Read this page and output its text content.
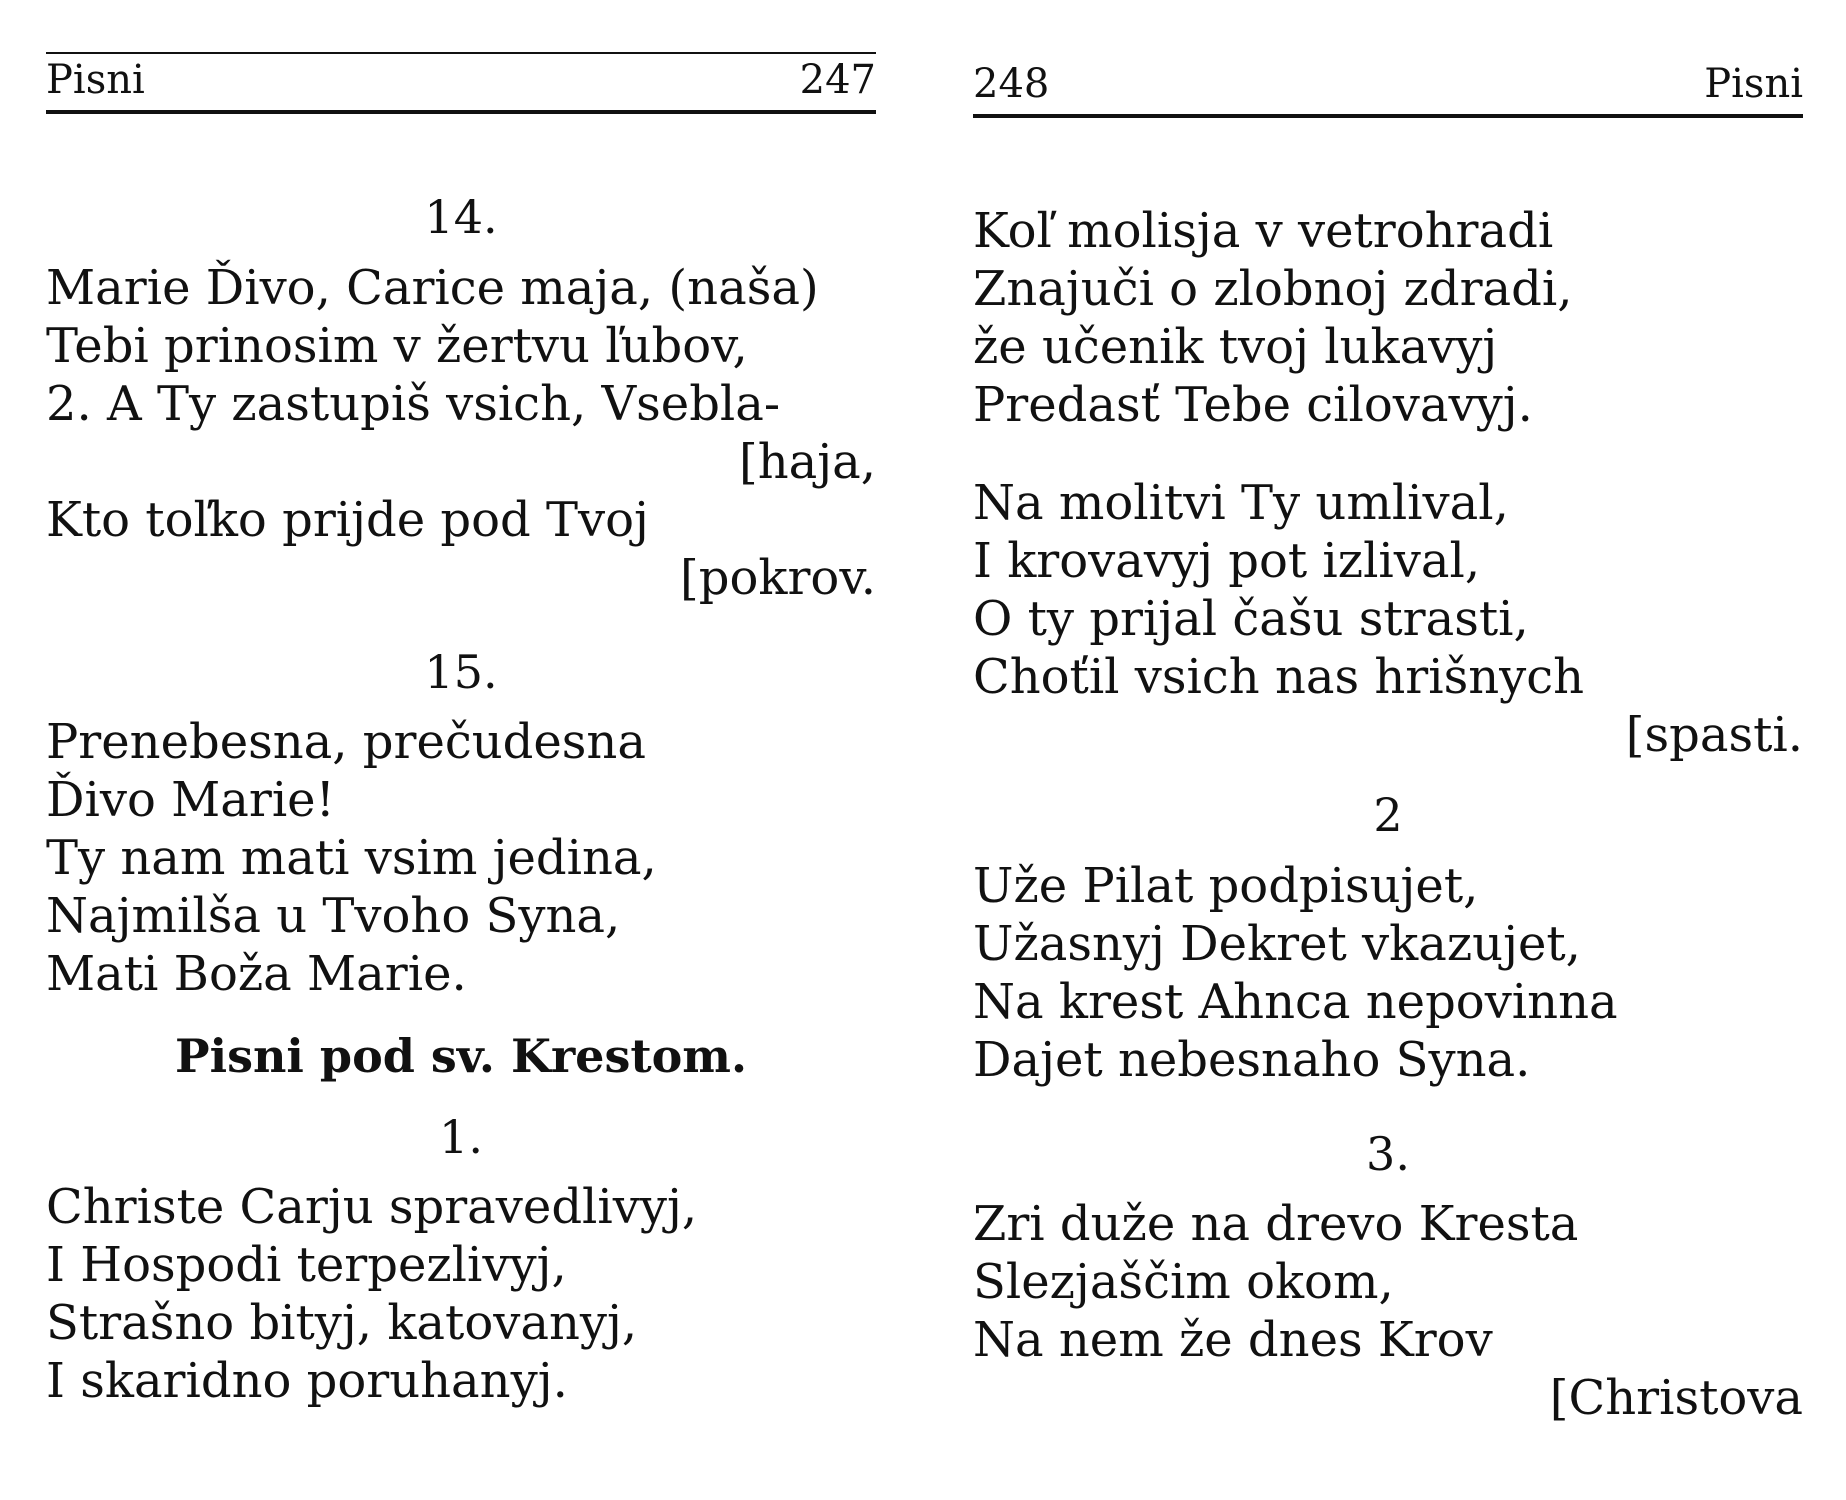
Pisni	247
14.
Marie Ďivo, Carice maja, (naša)
Tebi prinosim v žertvu ľubov,
2. A Ty zastupiš vsich, Vsebla-
[haja,
Kto toľko prijde pod Tvoj
[pokrov.
15.
Prenebesna, prečudesna
Ďivo Marie!
Ty nam mati vsim jedina,
Najmilša u Tvoho Syna,
Mati Boža Marie.
Pisni pod sv. Krestom.
1.
Christe Carju spravedlivyj,
I Hospodi terpezlivyj,
Strašno bityj, katovanyj,
I skaridno poruhanyj.
248	Pisni
Koľ molisja v vetrohradi
Znajuči o zlobnoj zdradi,
že učenik tvoj lukavyj
Predasť Tebe cilovavyj.
Na molitvi Ty umlival,
I krovavyj pot izlival,
O ty prijal čašu strasti,
Choťil vsich nas hrišnych
[spasti.
2
Uže Pilat podpisujet,
Užasnyj Dekret vkazujet,
Na krest Ahnca nepovinna
Dajet nebesnaho Syna.
3.
Zri duže na drevo Kresta
Slezjaščim okom,
Na nem že dnes Krov
[Christova
